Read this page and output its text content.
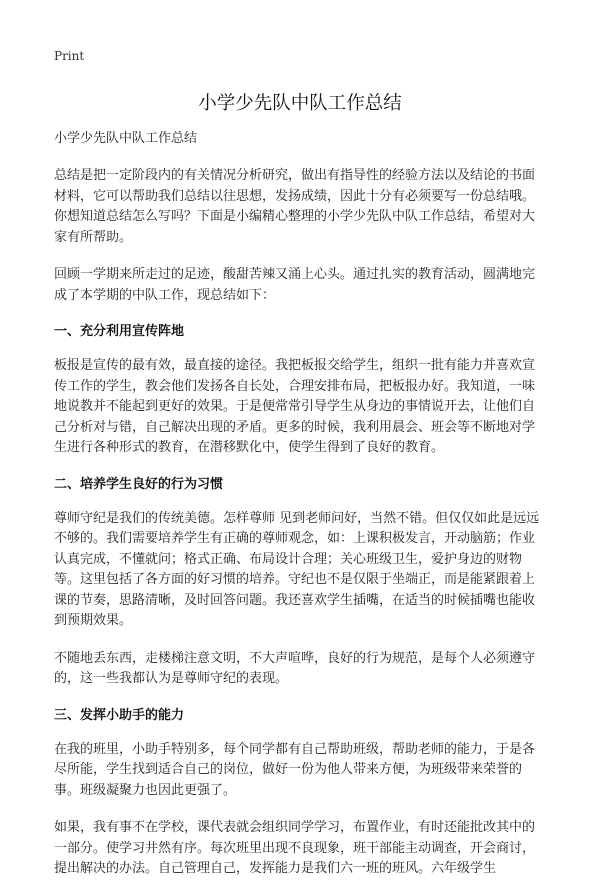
Print
小学少先队中队工作总结
小学少先队中队工作总结

总结是把一定阶段内的有关情况分析研究，做出有指导性的经验方法以及结论的书面材料，它可以帮助我们总结以往思想，发扬成绩，因此十分有必须要写一份总结哦。你想知道总结怎么写吗？下面是小编精心整理的小学少先队中队工作总结，希望对大家有所帮助。

回顾一学期来所走过的足迹，酸甜苦辣又涌上心头。通过扎实的教育活动，圆满地完成了本学期的中队工作，现总结如下：

一、充分利用宣传阵地

板报是宣传的最有效，最直接的途径。我把板报交给学生，组织一批有能力并喜欢宣传工作的学生，教会他们发扬各自长处，合理安排布局，把板报办好。我知道，一味地说教并不能起到更好的效果。于是便常常引导学生从身边的事情说开去，让他们自己分析对与错，自己解决出现的矛盾。更多的时候，我利用晨会、班会等不断地对学生进行各种形式的教育，在潜移默化中，使学生得到了良好的教育。

二、培养学生良好的行为习惯

尊师守纪是我们的传统美德。怎样尊师 见到老师问好，当然不错。但仅仅如此是远远不够的。我们需要培养学生有正确的尊师观念，如：上课积极发言，开动脑筋；作业认真完成，不懂就问；格式正确、布局设计合理；关心班级卫生，爱护身边的财物等。这里包括了各方面的好习惯的培养。守纪也不是仅限于坐端正，而是能紧跟着上课的节奏，思路清晰，及时回答问题。我还喜欢学生插嘴，在适当的时候插嘴也能收到预期效果。

不随地丢东西，走楼梯注意文明，不大声喧哗，良好的行为规范，是每个人必须遵守的，这一些我都认为是尊师守纪的表现。

三、发挥小助手的能力

在我的班里，小助手特别多，每个同学都有自己帮助班级，帮助老师的能力，于是各尽所能，学生找到适合自己的岗位，做好一份为他人带来方便，为班级带来荣誉的事。班级凝聚力也因此更强了。

如果，我有事不在学校，课代表就会组织同学学习，布置作业，有时还能批改其中的一部分。使学习井然有序。每次班里出现不良现象，班干部能主动调查，开会商讨，提出解决的办法。自己管理自己，发挥能力是我们六一班的班风。六年级学生
